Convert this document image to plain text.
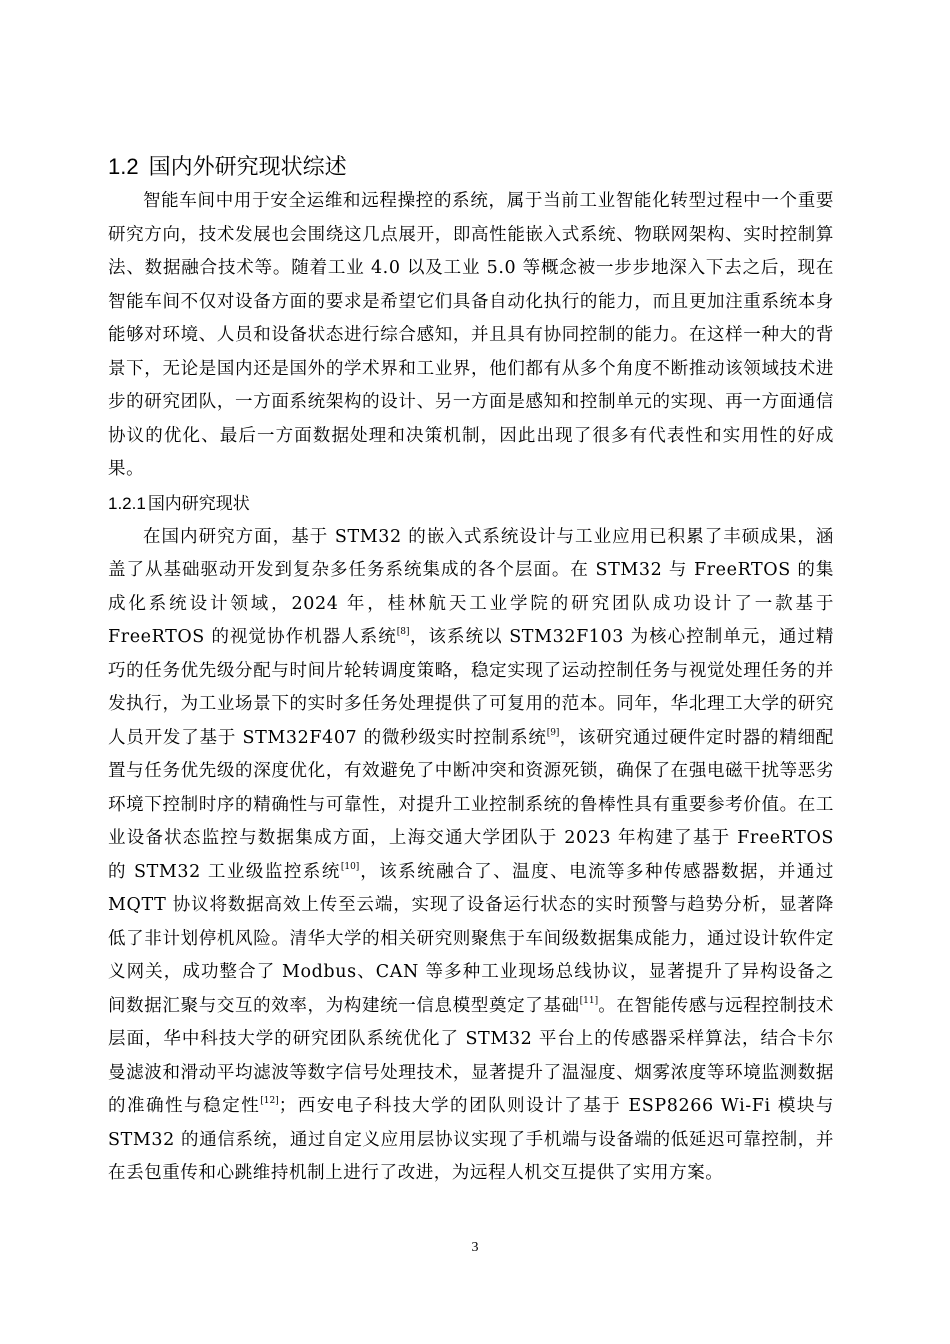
1.2 国内外研究现状综述

智能车间中用于安全运维和远程操控的系统，属于当前工业智能化转型过程中一个重要研究方向，技术发展也会围绕这几点展开，即高性能嵌入式系统、物联网架构、实时控制算法、数据融合技术等。随着工业 4.0 以及工业 5.0 等概念被一步步地深入下去之后，现在智能车间不仅对设备方面的要求是希望它们具备自动化执行的能力，而且更加注重系统本身能够对环境、人员和设备状态进行综合感知，并且具有协同控制的能力。在这样一种大的背景下，无论是国内还是国外的学术界和工业界，他们都有从多个角度不断推动该领域技术进步的研究团队，一方面系统架构的设计、另一方面是感知和控制单元的实现、再一方面通信协议的优化、最后一方面数据处理和决策机制，因此出现了很多有代表性和实用性的好成果。

1.2.1 国内研究现状

在国内研究方面，基于 STM32 的嵌入式系统设计与工业应用已积累了丰硕成果，涵盖了从基础驱动开发到复杂多任务系统集成的各个层面。在 STM32 与 FreeRTOS 的集成化系统设计领域，2024 年，桂林航天工业学院的研究团队成功设计了一款基于 FreeRTOS 的视觉协作机器人系统[8]，该系统以 STM32F103 为核心控制单元，通过精巧的任务优先级分配与时间片轮转调度策略，稳定实现了运动控制任务与视觉处理任务的并发执行，为工业场景下的实时多任务处理提供了可复用的范本。同年，华北理工大学的研究人员开发了基于 STM32F407 的微秒级实时控制系统[9]，该研究通过硬件定时器的精细配置与任务优先级的深度优化，有效避免了中断冲突和资源死锁，确保了在强电磁干扰等恶劣环境下控制时序的精确性与可靠性，对提升工业控制系统的鲁棒性具有重要参考价值。在工业设备状态监控与数据集成方面，上海交通大学团队于 2023 年构建了基于 FreeRTOS 的 STM32 工业级监控系统[10]，该系统融合了、温度、电流等多种传感器数据，并通过 MQTT 协议将数据高效上传至云端，实现了设备运行状态的实时预警与趋势分析，显著降低了非计划停机风险。清华大学的相关研究则聚焦于车间级数据集成能力，通过设计软件定义网关，成功整合了 Modbus、CAN 等多种工业现场总线协议，显著提升了异构设备之间数据汇聚与交互的效率，为构建统一信息模型奠定了基础[11]。在智能传感与远程控制技术层面，华中科技大学的研究团队系统优化了 STM32 平台上的传感器采样算法，结合卡尔曼滤波和滑动平均滤波等数字信号处理技术，显著提升了温湿度、烟雾浓度等环境监测数据的准确性与稳定性[12]；西安电子科技大学的团队则设计了基于 ESP8266 Wi-Fi 模块与 STM32 的通信系统，通过自定义应用层协议实现了手机端与设备端的低延迟可靠控制，并在丢包重传和心跳维持机制上进行了改进，为远程人机交互提供了实用方案。

3
